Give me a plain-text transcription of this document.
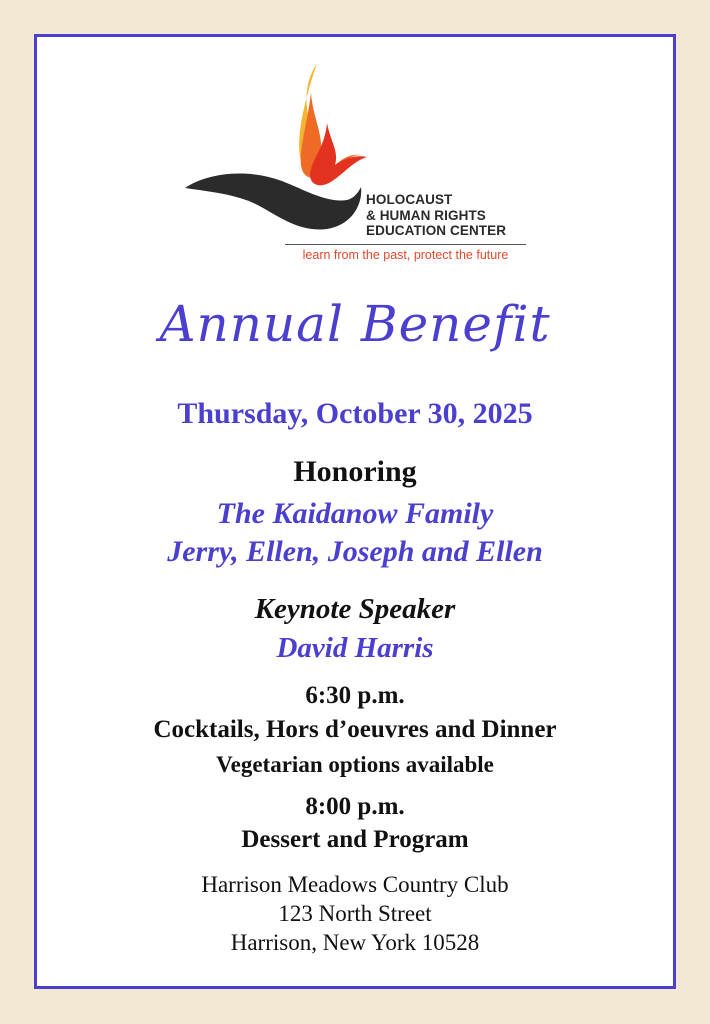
HOLOCAUST
& HUMAN RIGHTS
EDUCATION CENTER
learn from the past, protect the future
Annual Benefit
Thursday, October 30, 2025
Honoring
The Kaidanow Family
Jerry, Ellen, Joseph and Ellen
Keynote Speaker
David Harris
6:30 p.m.
Cocktails, Hors d’oeuvres and Dinner
Vegetarian options available
8:00 p.m.
Dessert and Program
Harrison Meadows Country Club
123 North Street
Harrison, New York 10528
